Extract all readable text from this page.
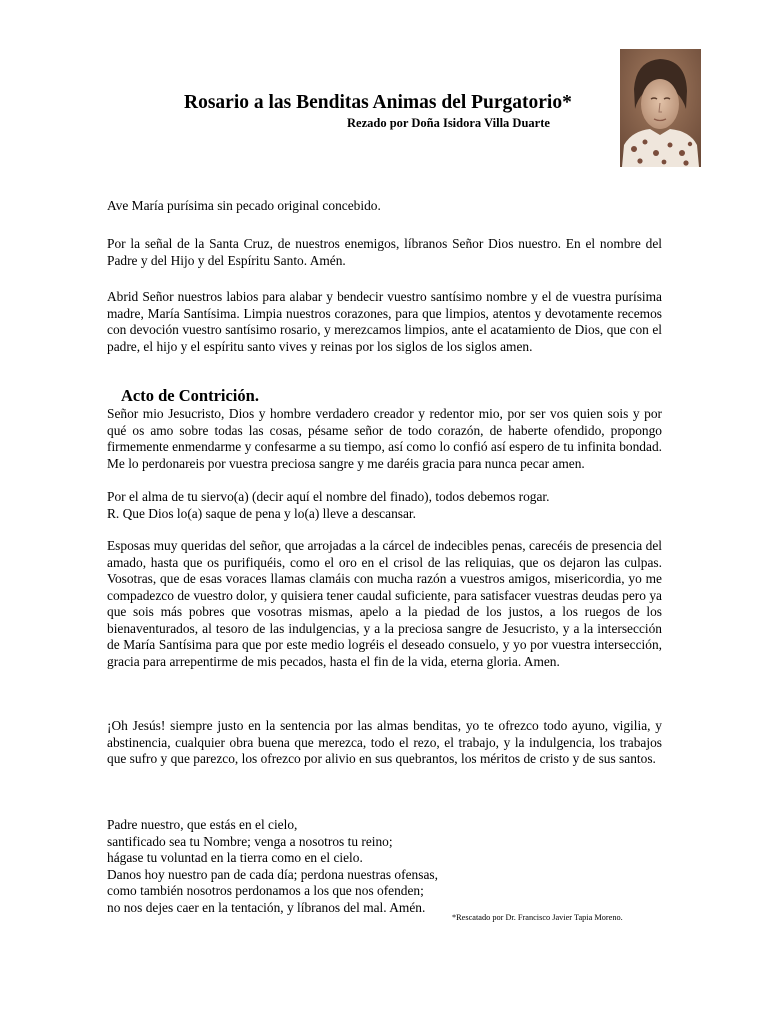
Rosario a las Benditas Animas del Purgatorio*
Rezado por Doña Isidora Villa Duarte

Ave María purísima sin pecado original concebido.

Por la señal de la Santa Cruz, de nuestros enemigos, líbranos Señor Dios nuestro. En el nombre del Padre y del Hijo y del Espíritu Santo. Amén.

Abrid Señor nuestros labios para alabar y bendecir vuestro santísimo nombre y el de vuestra purísima madre, María Santísima. Limpia nuestros corazones, para que limpios, atentos y devotamente recemos con devoción vuestro santísimo rosario, y merezcamos limpios, ante el acatamiento de Dios, que con el padre, el hijo y el espíritu santo vives y reinas por los siglos de los siglos amen.

Acto de Contrición.

Señor mio Jesucristo, Dios y hombre verdadero creador y redentor mio, por ser vos quien sois y por qué os amo sobre todas las cosas, pésame señor de todo corazón, de haberte ofendido, propongo firmemente enmendarme y confesarme a su tiempo, así como lo confió así espero de tu infinita bondad. Me lo perdonareis por vuestra preciosa sangre y me daréis gracia para nunca pecar amen.

Por el alma de tu siervo(a) (decir aquí el nombre del finado), todos debemos rogar.
R. Que Dios lo(a) saque de pena y lo(a) lleve a descansar.

Esposas muy queridas del señor, que arrojadas a la cárcel de indecibles penas, carecéis de presencia del amado, hasta que os purifiquéis, como el oro en el crisol de las reliquias, que os dejaron las culpas. Vosotras, que de esas voraces llamas clamáis con mucha razón a vuestros amigos, misericordia, yo me compadezco de vuestro dolor, y quisiera tener caudal suficiente, para satisfacer vuestras deudas pero ya que sois más pobres que vosotras mismas, apelo a la piedad de los justos, a los ruegos de los bienaventurados, al tesoro de las indulgencias, y a la preciosa sangre de Jesucristo, y a la intersección de María Santísima para que por este medio logréis el deseado consuelo, y yo por vuestra intersección, gracia para arrepentirme de mis pecados, hasta el fin de la vida, eterna gloria. Amen.

¡Oh Jesús! siempre justo en la sentencia por las almas benditas, yo te ofrezco todo ayuno, vigilia, y abstinencia, cualquier obra buena que merezca, todo el rezo, el trabajo, y la indulgencia, los trabajos que sufro y que parezco, los ofrezco por alivio en sus quebrantos, los méritos de cristo y de sus santos.

Padre nuestro, que estás en el cielo,
santificado sea tu Nombre; venga a nosotros tu reino;
hágase tu voluntad en la tierra como en el cielo.
Danos hoy nuestro pan de cada día; perdona nuestras ofensas,
como también nosotros perdonamos a los que nos ofenden;
no nos dejes caer en la tentación, y líbranos del mal. Amén.

*Rescatado por Dr. Francisco Javier Tapia Moreno.
